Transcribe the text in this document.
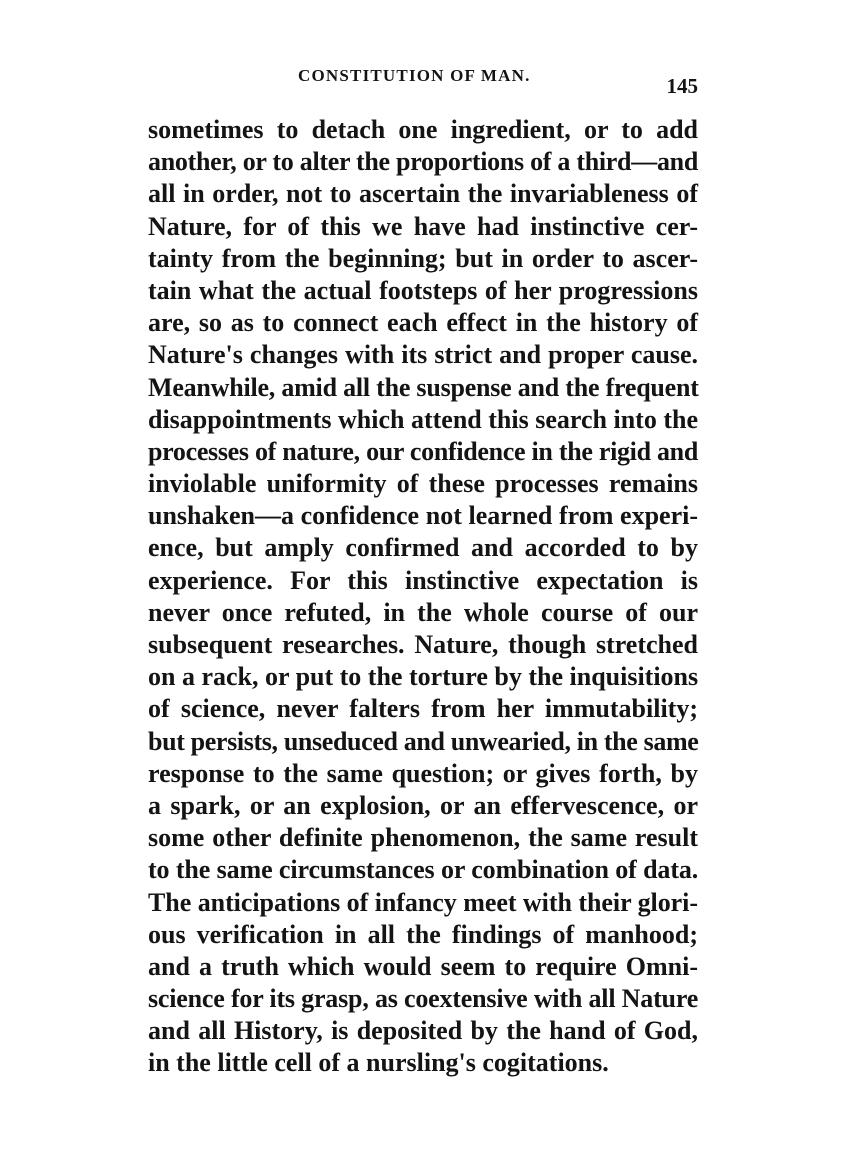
CONSTITUTION OF MAN.	145
sometimes to detach one ingredient, or to add
another, or to alter the proportions of a third—and
all in order, not to ascertain the invariableness of
Nature, for of this we have had instinctive cer-
tainty from the beginning; but in order to ascer-
tain what the actual footsteps of her progressions
are, so as to connect each effect in the history of
Nature's changes with its strict and proper cause.
Meanwhile, amid all the suspense and the frequent
disappointments which attend this search into the
processes of nature, our confidence in the rigid and
inviolable uniformity of these processes remains
unshaken—a confidence not learned from experi-
ence, but amply confirmed and accorded to by
experience. For this instinctive expectation is
never once refuted, in the whole course of our
subsequent researches. Nature, though stretched
on a rack, or put to the torture by the inquisitions
of science, never falters from her immutability;
but persists, unseduced and unwearied, in the same
response to the same question; or gives forth, by
a spark, or an explosion, or an effervescence, or
some other definite phenomenon, the same result
to the same circumstances or combination of data.
The anticipations of infancy meet with their glori-
ous verification in all the findings of manhood;
and a truth which would seem to require Omni-
science for its grasp, as coextensive with all Nature
and all History, is deposited by the hand of God,
in the little cell of a nursling's cogitations.
